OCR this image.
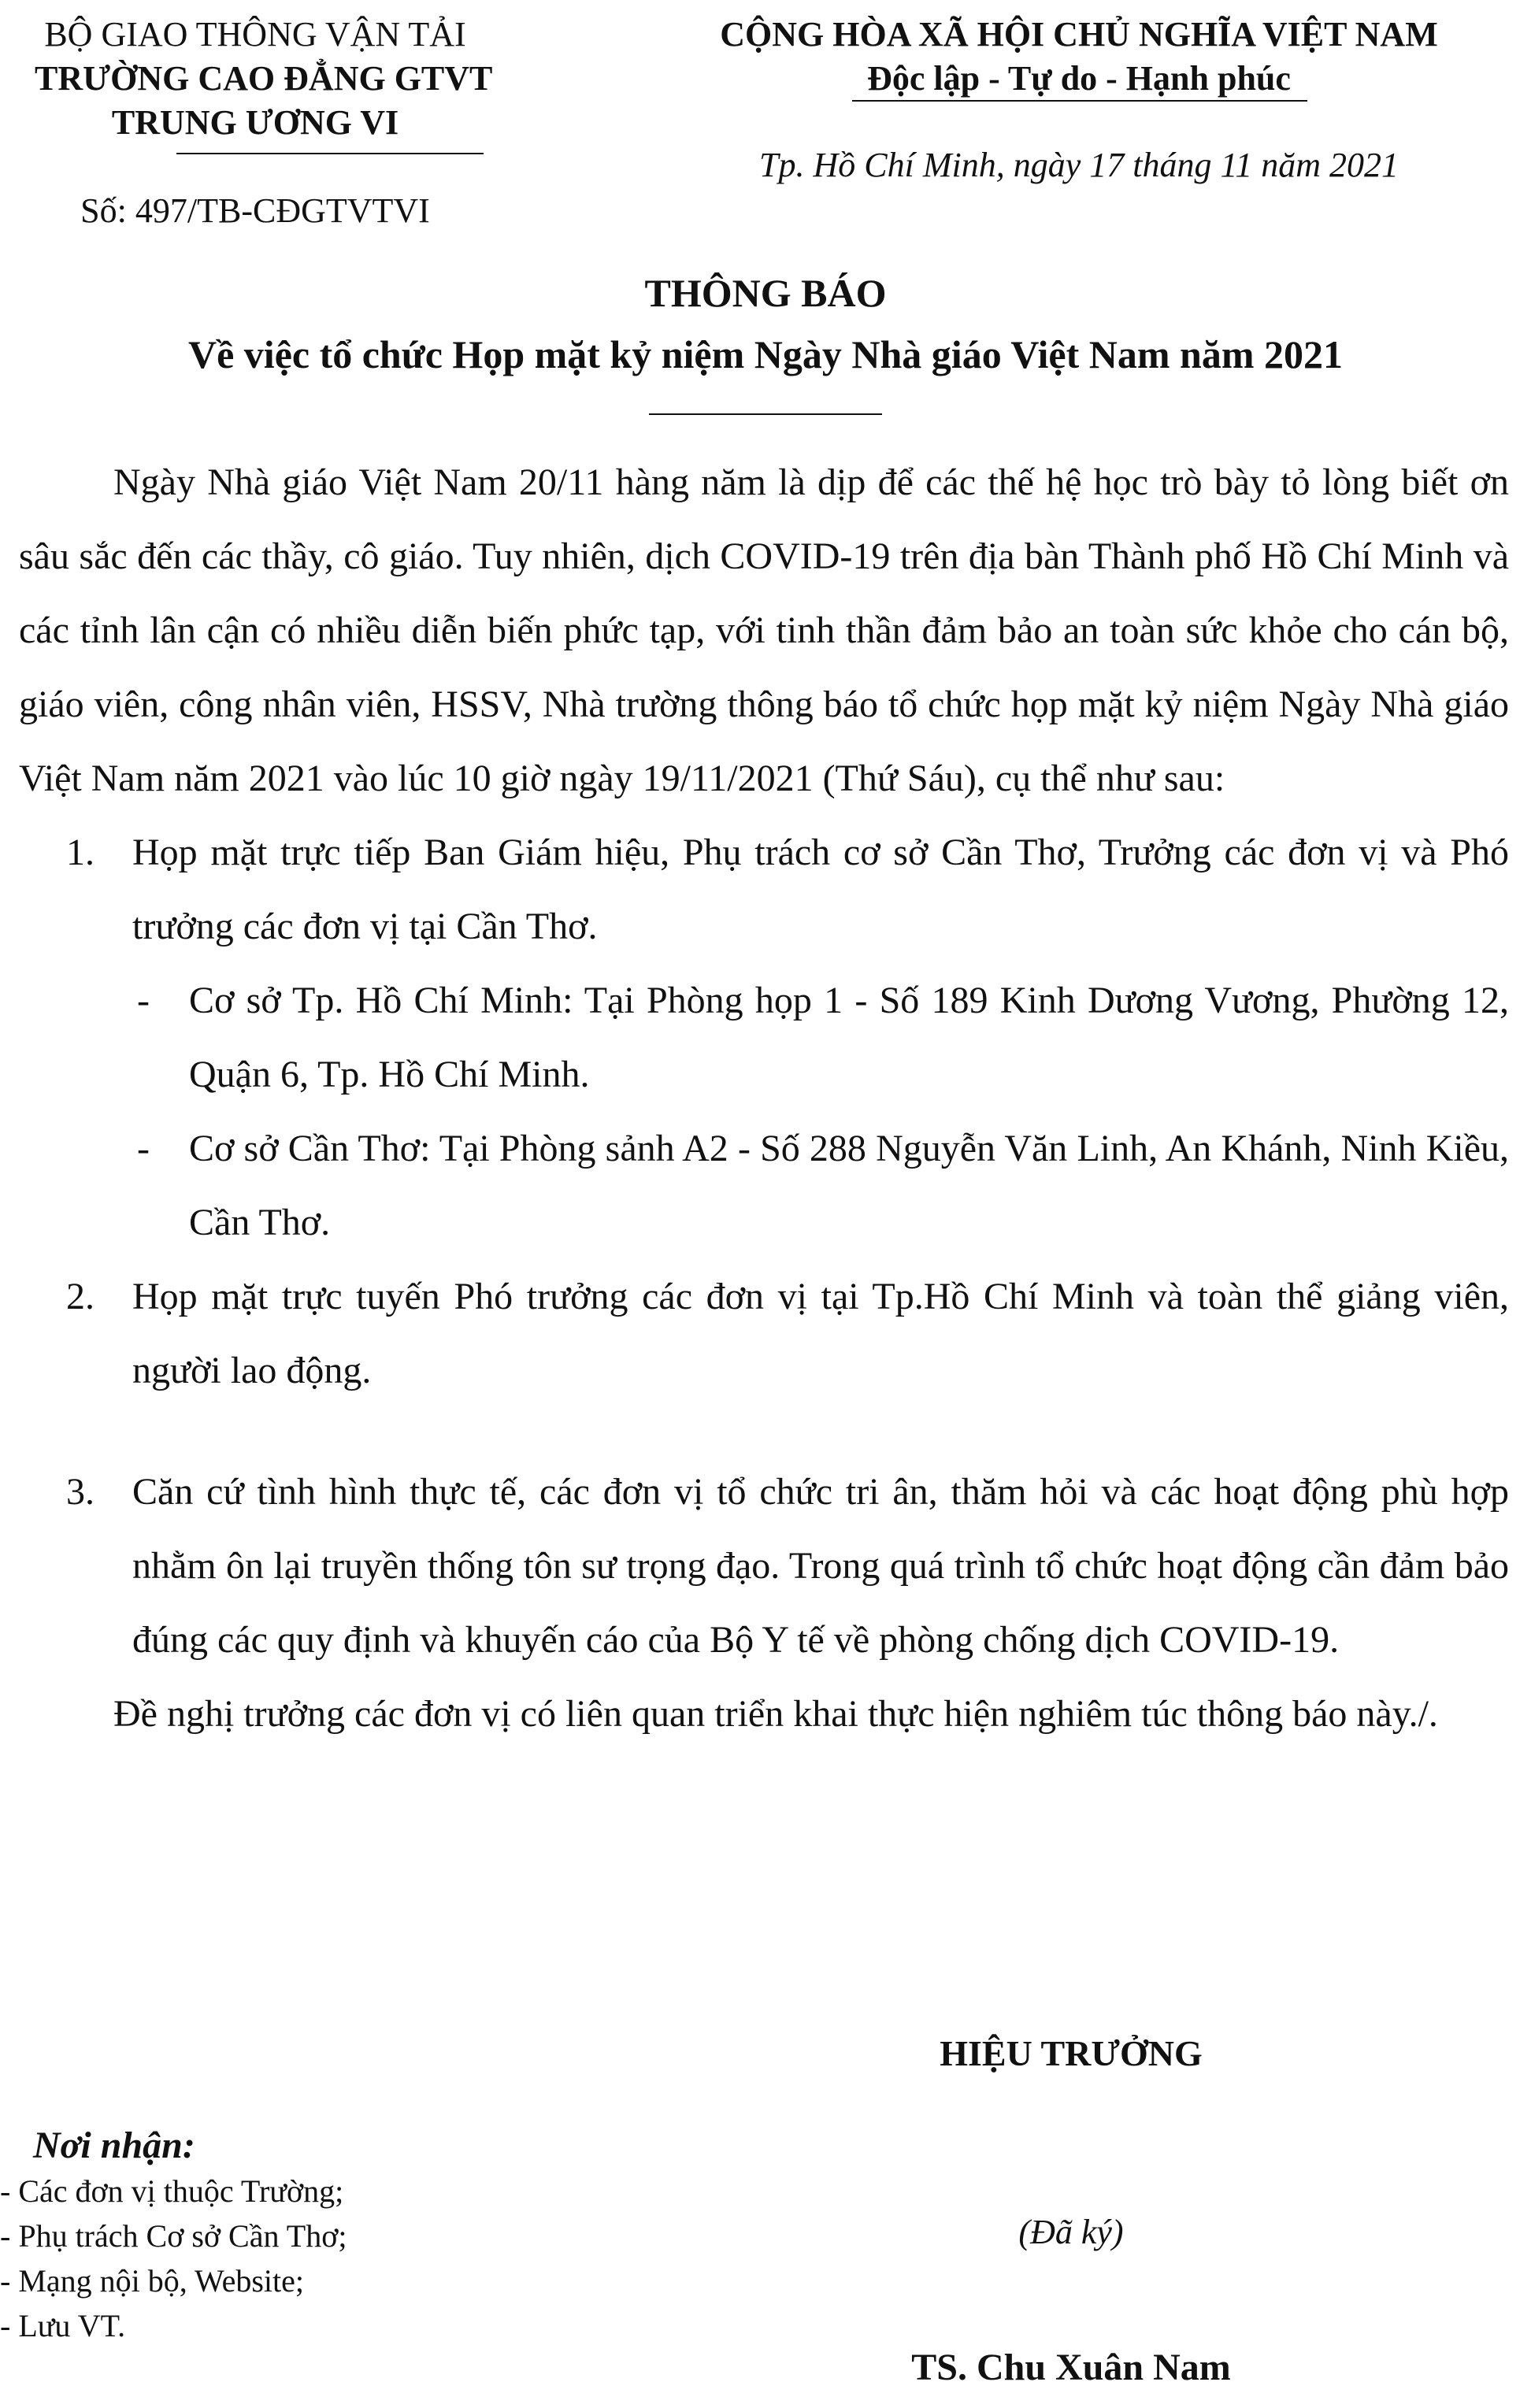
BỘ GIAO THÔNG VẬN TẢI
TRƯỜNG CAO ĐẲNG GTVT
TRUNG ƯƠNG VI
Số: 497/TB-CĐGTVTVI
CỘNG HÒA XÃ HỘI CHỦ NGHĨA VIỆT NAM
Độc lập - Tự do - Hạnh phúc
Tp. Hồ Chí Minh, ngày 17 tháng 11 năm 2021
THÔNG BÁO
Về việc tổ chức Họp mặt kỷ niệm Ngày Nhà giáo Việt Nam năm 2021

Ngày Nhà giáo Việt Nam 20/11 hàng năm là dịp để các thế hệ học trò bày tỏ lòng biết ơn sâu sắc đến các thầy, cô giáo. Tuy nhiên, dịch COVID-19 trên địa bàn Thành phố Hồ Chí Minh và các tỉnh lân cận có nhiều diễn biến phức tạp, với tinh thần đảm bảo an toàn sức khỏe cho cán bộ, giáo viên, công nhân viên, HSSV, Nhà trường thông báo tổ chức họp mặt kỷ niệm Ngày Nhà giáo Việt Nam năm 2021 vào lúc 10 giờ ngày 19/11/2021 (Thứ Sáu), cụ thể như sau:

1. Họp mặt trực tiếp Ban Giám hiệu, Phụ trách cơ sở Cần Thơ, Trưởng các đơn vị và Phó trưởng các đơn vị tại Cần Thơ.
- Cơ sở Tp. Hồ Chí Minh: Tại Phòng họp 1 - Số 189 Kinh Dương Vương, Phường 12, Quận 6, Tp. Hồ Chí Minh.
- Cơ sở Cần Thơ: Tại Phòng sảnh A2 - Số 288 Nguyễn Văn Linh, An Khánh, Ninh Kiều, Cần Thơ.
2. Họp mặt trực tuyến Phó trưởng các đơn vị tại Tp.Hồ Chí Minh và toàn thể giảng viên, người lao động.
3. Căn cứ tình hình thực tế, các đơn vị tổ chức tri ân, thăm hỏi và các hoạt động phù hợp nhằm ôn lại truyền thống tôn sư trọng đạo. Trong quá trình tổ chức hoạt động cần đảm bảo đúng các quy định và khuyến cáo của Bộ Y tế về phòng chống dịch COVID-19.

Đề nghị trưởng các đơn vị có liên quan triển khai thực hiện nghiêm túc thông báo này./.

HIỆU TRƯỞNG
(Đã ký)
TS. Chu Xuân Nam
Nơi nhận:
- Các đơn vị thuộc Trường;
- Phụ trách Cơ sở Cần Thơ;
- Mạng nội bộ, Website;
- Lưu VT.
